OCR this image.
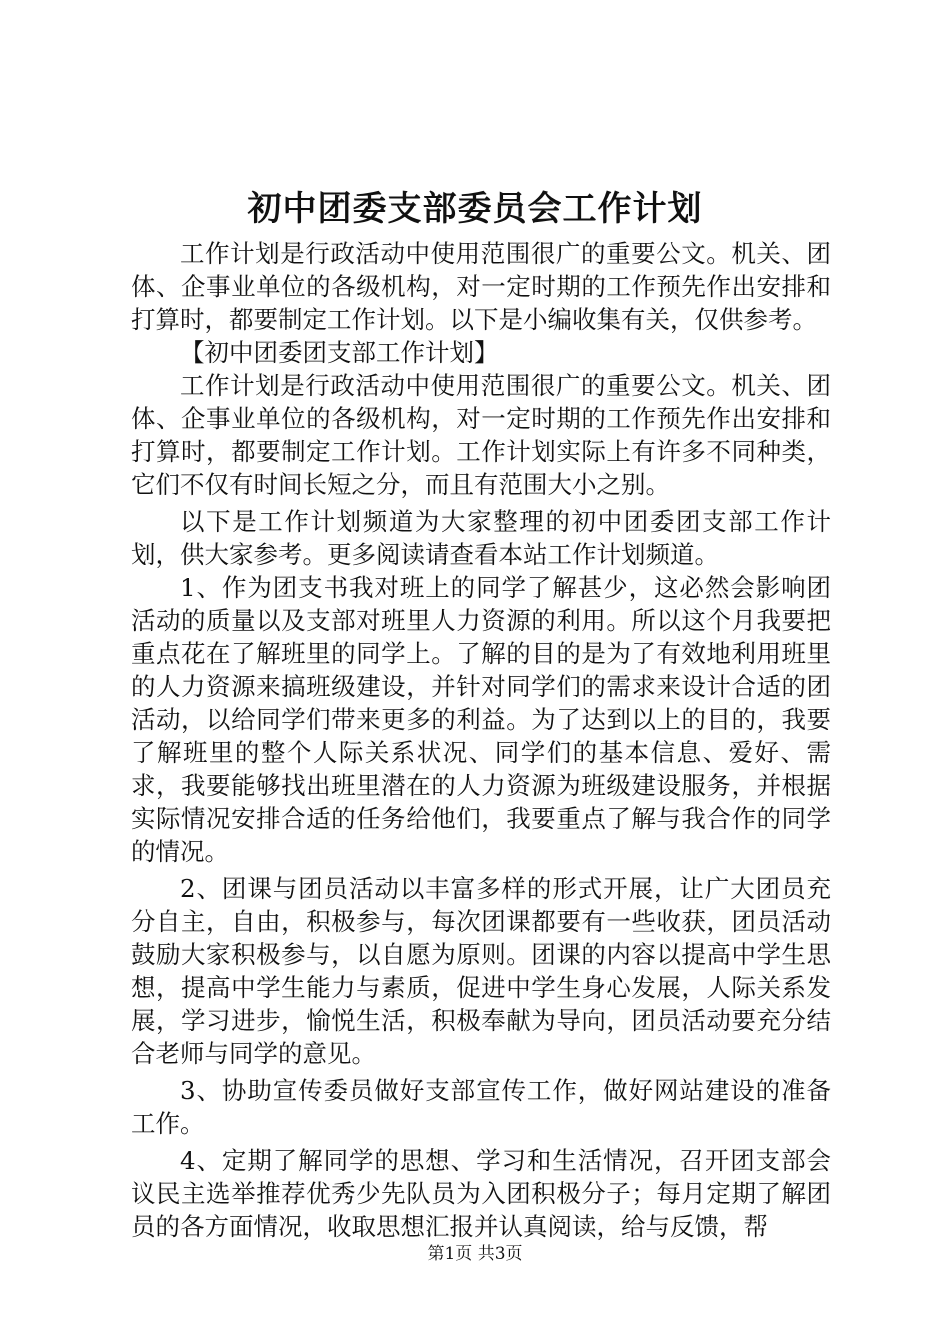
初中团委支部委员会工作计划

工作计划是行政活动中使用范围很广的重要公文。机关、团体、企事业单位的各级机构，对一定时期的工作预先作出安排和打算时，都要制定工作计划。以下是小编收集有关，仅供参考。

【初中团委团支部工作计划】

工作计划是行政活动中使用范围很广的重要公文。机关、团体、企事业单位的各级机构，对一定时期的工作预先作出安排和打算时，都要制定工作计划。工作计划实际上有许多不同种类，它们不仅有时间长短之分，而且有范围大小之别。

以下是工作计划频道为大家整理的初中团委团支部工作计划，供大家参考。更多阅读请查看本站工作计划频道。

1、作为团支书我对班上的同学了解甚少，这必然会影响团活动的质量以及支部对班里人力资源的利用。所以这个月我要把重点花在了解班里的同学上。了解的目的是为了有效地利用班里的人力资源来搞班级建设，并针对同学们的需求来设计合适的团活动，以给同学们带来更多的利益。为了达到以上的目的，我要了解班里的整个人际关系状况、同学们的基本信息、爱好、需求，我要能够找出班里潜在的人力资源为班级建设服务，并根据实际情况安排合适的任务给他们，我要重点了解与我合作的同学的情况。

2、团课与团员活动以丰富多样的形式开展，让广大团员充分自主，自由，积极参与，每次团课都要有一些收获，团员活动鼓励大家积极参与，以自愿为原则。团课的内容以提高中学生思想，提高中学生能力与素质，促进中学生身心发展，人际关系发展，学习进步，愉悦生活，积极奉献为导向，团员活动要充分结合老师与同学的意见。

3、协助宣传委员做好支部宣传工作，做好网站建设的准备工作。

4、定期了解同学的思想、学习和生活情况，召开团支部会议民主选举推荐优秀少先队员为入团积极分子；每月定期了解团员的各方面情况，收取思想汇报并认真阅读，给与反馈，帮

第1页 共3页
